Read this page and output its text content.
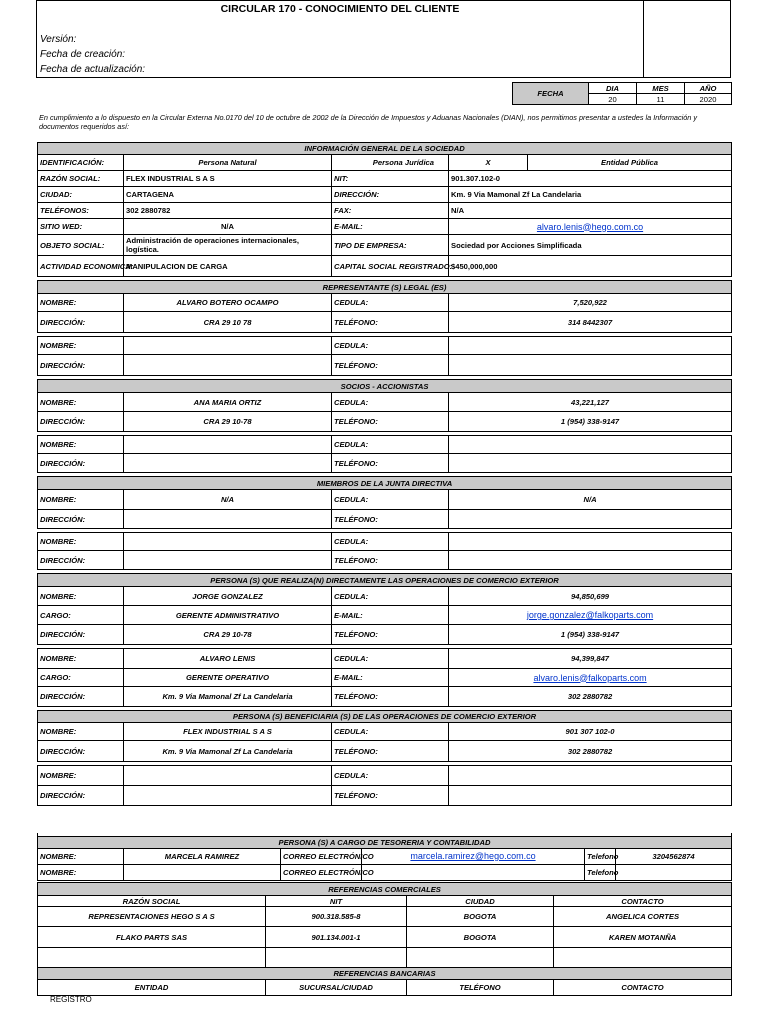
CIRCULAR 170 - CONOCIMIENTO DEL CLIENTE
Versión:
Fecha de creación:
Fecha de actualización:
FECHA	DIA	MES	AÑO
	20	11	2020
En cumplimiento a lo dispuesto en la Circular Externa No.0170 del 10 de octubre de 2002 de la Dirección de Impuestos y Aduanas Nacionales (DIAN), nos permitimos presentar a ustedes la Información y documentos requeridos así:
INFORMACIÓN GENERAL DE LA SOCIEDAD				
IDENTIFICACIÓN:	Persona Natural	Persona Jurídica	X	Entidad Pública
RAZÓN SOCIAL:	FLEX INDUSTRIAL S A S	NIT:	901.307.102-0	
CIUDAD:	CARTAGENA	DIRECCIÓN:	Km. 9 Via Mamonal Zf La Candelaria	
TELÉFONOS:	302 2880782	FAX:	N/A	
SITIO WED:	N/A	E-MAIL:	alvaro.lenis@hego.com.co	
OBJETO SOCIAL:	Administración de operaciones internacionales, logística.	TIPO DE EMPRESA:	Sociedad por Acciones Simplificada	
ACTIVIDAD ECONOMICA:	MANIPULACION DE CARGA	CAPITAL SOCIAL REGISTRADO:	$450,000,000	

REPRESENTANTE (S) LEGAL (ES)				
NOMBRE:	ALVARO BOTERO OCAMPO	CEDULA:	7,520,922	
DIRECCIÓN:	CRA 29 10 78	TELÉFONO:	314 8442307	

NOMBRE:		CEDULA:		
DIRECCIÓN:		TELÉFONO:		

SOCIOS - ACCIONISTAS				
NOMBRE:	ANA MARIA ORTIZ	CEDULA:	43,221,127	
DIRECCIÓN:	CRA 29 10-78	TELÉFONO:	1 (954) 338-9147	

NOMBRE:		CEDULA:		
DIRECCIÓN:		TELÉFONO:		

MIEMBROS DE LA JUNTA DIRECTIVA				
NOMBRE:	N/A	CEDULA:	N/A	
DIRECCIÓN:		TELÉFONO:		

NOMBRE:		CEDULA:		
DIRECCIÓN:		TELÉFONO:		

PERSONA (S) QUE REALIZA(N) DIRECTAMENTE LAS OPERACIONES DE COMERCIO EXTERIOR				
NOMBRE:	JORGE GONZALEZ	CEDULA:	94,850,699	
CARGO:	GERENTE ADMINISTRATIVO	E-MAIL:	jorge.gonzalez@falkoparts.com	
DIRECCIÓN:	CRA 29 10-78	TELÉFONO:	1 (954) 338-9147	

NOMBRE:	ALVARO LENIS	CEDULA:	94,399,847	
CARGO:	GERENTE OPERATIVO	E-MAIL:	alvaro.lenis@falkoparts.com	
DIRECCIÓN:	Km. 9 Via Mamonal Zf La Candelaria	TELÉFONO:	302 2880782	

PERSONA (S) BENEFICIARIA (S) DE LAS OPERACIONES DE COMERCIO EXTERIOR				
NOMBRE:	FLEX INDUSTRIAL S A S	CEDULA:	901 307 102-0	
DIRECCIÓN:	Km. 9 Via Mamonal Zf La Candelaria	TELÉFONO:	302 2880782	

NOMBRE:		CEDULA:		
DIRECCIÓN:		TELÉFONO:		

PERSONA (S) A CARGO DE TESORERIA Y CONTABILIDAD					
NOMBRE:	MARCELA RAMIREZ	CORREO ELECTRÓNICO	marcela.ramirez@hego.com.co	Telefono	3204562874
NOMBRE:		CORREO ELECTRÓNICO		Telefono	
REFERENCIAS COMERCIALES			
RAZÓN SOCIAL	NIT	CIUDAD	CONTACTO
REPRESENTACIONES HEGO S A S	900.318.585-8	BOGOTA	ANGELICA CORTES
FLAKO PARTS SAS	901.134.001-1	BOGOTA	KAREN MOTANÑA

REFERENCIAS BANCARIAS			
ENTIDAD	SUCURSAL/CIUDAD	TELÉFONO	CONTACTO
REGISTRO
